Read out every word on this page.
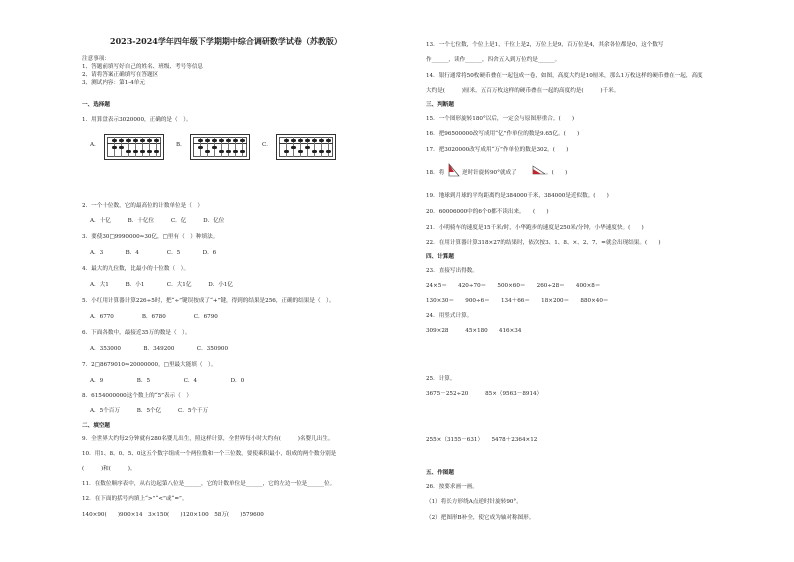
2023-2024学年四年级下学期期中综合调研数学试卷（苏教版）
注意事项：
1、答题前填写好自己的姓名、班级、考号等信息
2、请将答案正确填写在答题区
3、测试内容：第1-4单元
一、选择题
1．用算盘表示3020000，正确的是（　）。
A．	B．	C．
2．一个十位数，它的最高位的计数单位是（　）
A．十亿　　　B．十亿位　　　C．亿　　　D．亿位
3．要使30□9990000≈30亿，□里有（　）种填法。
A．3　　　　B．4　　　　　C．5　　　　D．6
4．最大的九位数，比最小的十位数（　）。
A．大1　　　B．小1　　　　C．大1亿　　　D．小1亿
5．小红用计算器计算226÷5时，把“÷”键误按成了“+”键，得到的结果是256，正确的结果是（　）。
A．6770　　　　　B．6780　　　　　C．6790
6．下面各数中，最接近35万的数是（　）。
A．353000　　　　B．349200　　　　C．350900
7．2□8679010≈20000000，□里最大能填（　）。
A．9　　　　　　B．5　　　　　　C．4　　　　　　D．0
8．6154000000这个数上的“5”表示（　）
A．5个百万　　　B．5个亿　　　C．5个千万
二、填空题
9．全世界大约每2分钟就有280名婴儿出生，照这样计算，全世界每小时大约有(　　　)名婴儿出生。
10．用1、8、0、5、0这五个数字组成一个两位数和一个三位数，要使乘积最小，组成的两个数分别是
(　　　)和(　　　)。
11．在数位顺序表中，从右边起第八位是______，它的计数单位是______，它的左边一位是______位。
12．在下面的括号内填上“>”“<”或“=”。
140×90(　　)900×14　3×150(　　)120×100　58万(　　)579600
13．一个七位数，个位上是1，千位上是2，万位上是9，百万位是4，其余各位都是0，这个数写
作______，读作______，四舍五入到万位约是______。
14．银行通常将50枚硬币叠在一起包成一卷，如图，高度大约是10厘米，那么1万枚这样的硬币叠在一起，高度
大约是(　　　)厘米，五百万枚这样的硬币叠在一起的高度约是(　　　)千米。
三、判断题
15．一个图形旋转180°以后，一定会与原图形重合。(　　)
16．把96500000改写成用“亿”作单位的数是9.65亿。(　　)
17．把3020000改写成用“万”作单位的数是302。(　　)
18．将	逆时针旋转90°就成了	。(　　)
19．地球到月球的平均距离约是384000千米，384000是近似数。(　　)
20．60006000中的6个0都不读出来。　　(　　)
21．小明骑车的速度是15千米/时，小华跑步的速度是250米/分钟，小华速度快。(　　)
22．在用计算器计算318×27的结果时，依次按3、1、8、×、2、7、=就会出现结果。(　　)
四、计算题
23．直接写出得数。
24×5＝　　420÷70＝　　500×60＝　　260÷28＝　　400×8＝
130×30＝　　900÷6＝　　134＋66＝　　18×200＝　　880×40＝
24．用竖式计算。
309×28　　　45×180　　416×34
25．计算。
3675－252÷20　　　85×（9563－8914）
255×（3155－631）　　5478＋2364×12
五、作图题
26．按要求画一画。
（1）将长方形绕A点逆时针旋转90°。
（2）把图形B补全，使它成为轴对称图形。
